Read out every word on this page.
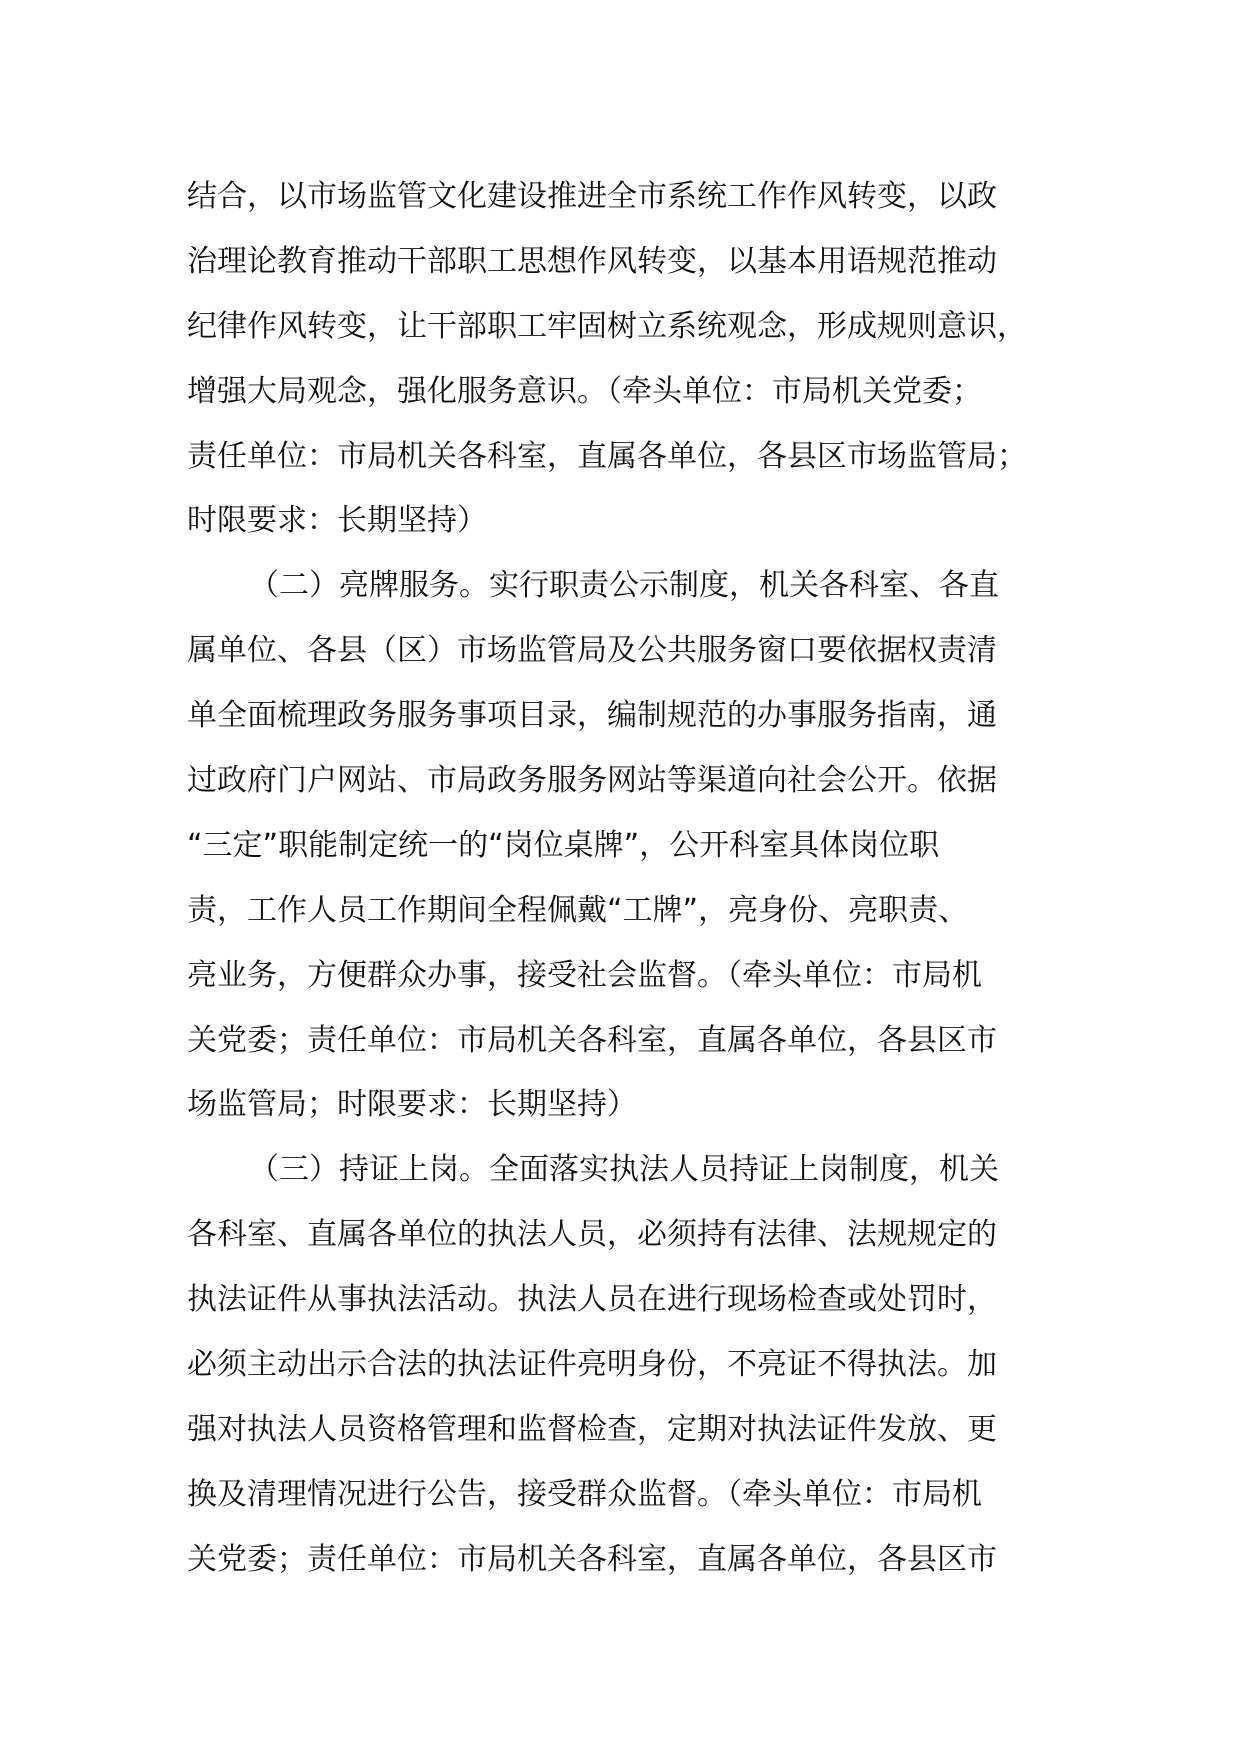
结合，以市场监管文化建设推进全市系统工作作风转变，以政
治理论教育推动干部职工思想作风转变，以基本用语规范推动
纪律作风转变，让干部职工牢固树立系统观念，形成规则意识，
增强大局观念，强化服务意识。（牵头单位：市局机关党委；
责任单位：市局机关各科室，直属各单位，各县区市场监管局；
时限要求：长期坚持）
（二）亮牌服务。实行职责公示制度，机关各科室、各直
属单位、各县（区）市场监管局及公共服务窗口要依据权责清
单全面梳理政务服务事项目录，编制规范的办事服务指南，通
过政府门户网站、市局政务服务网站等渠道向社会公开。依据
“三定”职能制定统一的“岗位桌牌”，公开科室具体岗位职
责，工作人员工作期间全程佩戴“工牌”，亮身份、亮职责、
亮业务，方便群众办事，接受社会监督。（牵头单位：市局机
关党委；责任单位：市局机关各科室，直属各单位，各县区市
场监管局；时限要求：长期坚持）
（三）持证上岗。全面落实执法人员持证上岗制度，机关
各科室、直属各单位的执法人员，必须持有法律、法规规定的
执法证件从事执法活动。执法人员在进行现场检查或处罚时，
必须主动出示合法的执法证件亮明身份，不亮证不得执法。加
强对执法人员资格管理和监督检查，定期对执法证件发放、更
换及清理情况进行公告，接受群众监督。（牵头单位：市局机
关党委；责任单位：市局机关各科室，直属各单位，各县区市
